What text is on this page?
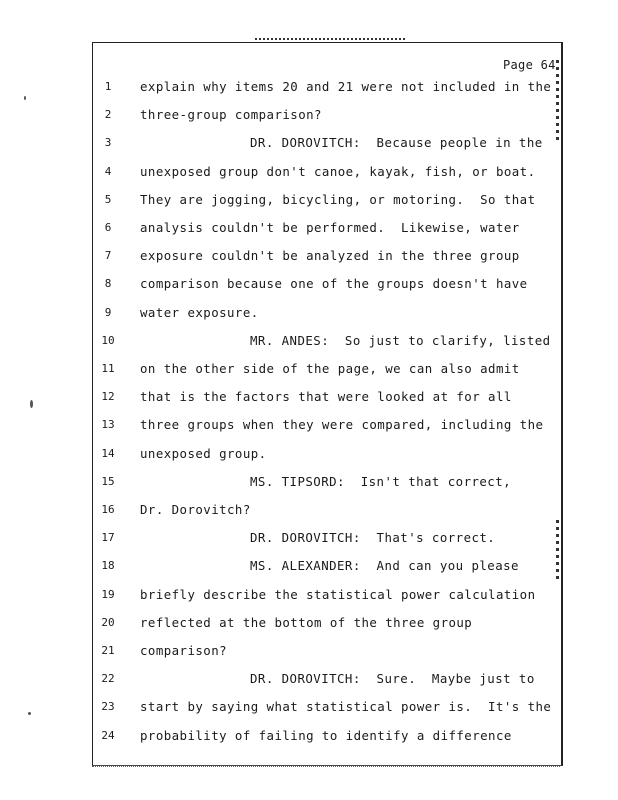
Page 64
1	explain why items 20 and 21 were not included in the
2	three-group comparison?
3	DR. DOROVITCH:  Because people in the
4	unexposed group don't canoe, kayak, fish, or boat.
5	They are jogging, bicycling, or motoring.  So that
6	analysis couldn't be performed.  Likewise, water
7	exposure couldn't be analyzed in the three group
8	comparison because one of the groups doesn't have
9	water exposure.
10	MR. ANDES:  So just to clarify, listed
11	on the other side of the page, we can also admit
12	that is the factors that were looked at for all
13	three groups when they were compared, including the
14	unexposed group.
15	MS. TIPSORD:  Isn't that correct,
16	Dr. Dorovitch?
17	DR. DOROVITCH:  That's correct.
18	MS. ALEXANDER:  And can you please
19	briefly describe the statistical power calculation
20	reflected at the bottom of the three group
21	comparison?
22	DR. DOROVITCH:  Sure.  Maybe just to
23	start by saying what statistical power is.  It's the
24	probability of failing to identify a difference
